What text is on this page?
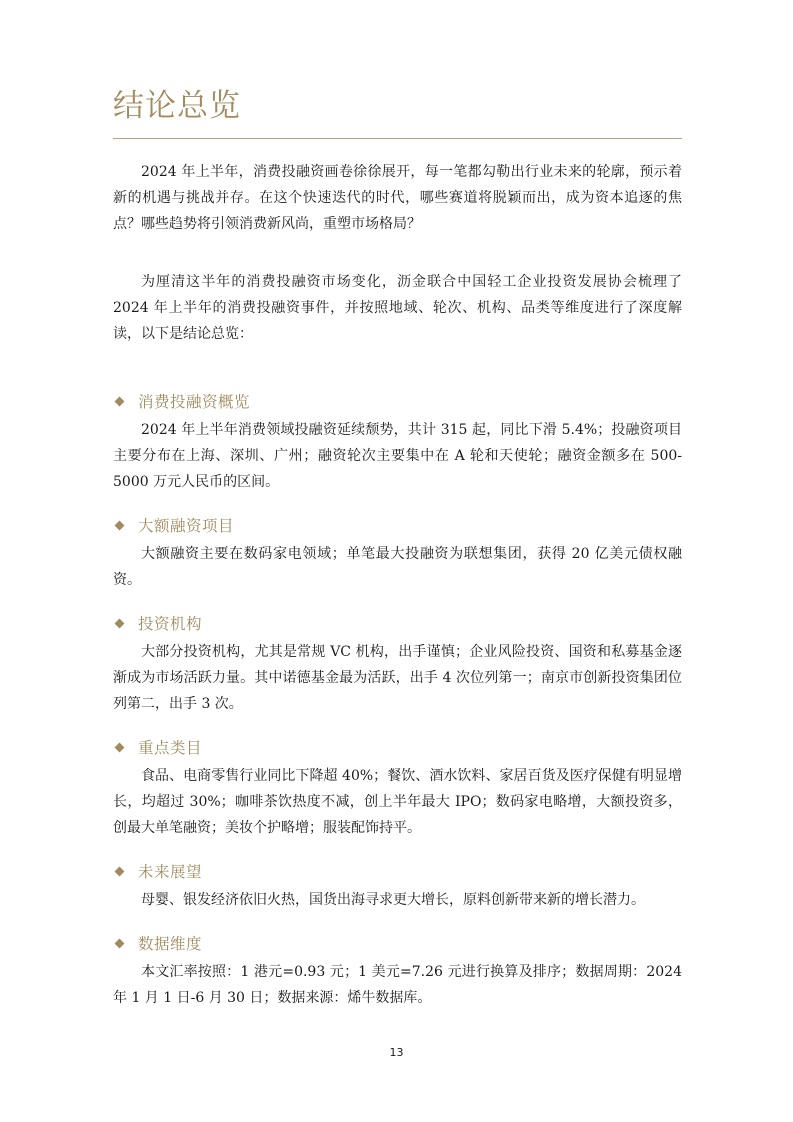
结论总览

2024 年上半年，消费投融资画卷徐徐展开，每一笔都勾勒出行业未来的轮廓，预示着新的机遇与挑战并存。在这个快速迭代的时代，哪些赛道将脱颖而出，成为资本追逐的焦点？哪些趋势将引领消费新风尚，重塑市场格局？

为厘清这半年的消费投融资市场变化，沥金联合中国轻工企业投资发展协会梳理了 2024 年上半年的消费投融资事件，并按照地域、轮次、机构、品类等维度进行了深度解读，以下是结论总览：

消费投融资概览

2024 年上半年消费领域投融资延续颓势，共计 315 起，同比下滑 5.4%；投融资项目主要分布在上海、深圳、广州；融资轮次主要集中在 A 轮和天使轮；融资金额多在 500-5000 万元人民币的区间。

大额融资项目

大额融资主要在数码家电领域；单笔最大投融资为联想集团，获得 20 亿美元债权融资。

投资机构

大部分投资机构，尤其是常规 VC 机构，出手谨慎；企业风险投资、国资和私募基金逐渐成为市场活跃力量。其中诺德基金最为活跃，出手 4 次位列第一；南京市创新投资集团位列第二，出手 3 次。

重点类目

食品、电商零售行业同比下降超 40%；餐饮、酒水饮料、家居百货及医疗保健有明显增长，均超过 30%；咖啡茶饮热度不减，创上半年最大 IPO；数码家电略增，大额投资多，创最大单笔融资；美妆个护略增；服装配饰持平。

未来展望

母婴、银发经济依旧火热，国货出海寻求更大增长，原料创新带来新的增长潜力。

数据维度

本文汇率按照：1 港元=0.93 元；1 美元=7.26 元进行换算及排序；数据周期：2024 年 1 月 1 日-6 月 30 日；数据来源：烯牛数据库。

13
